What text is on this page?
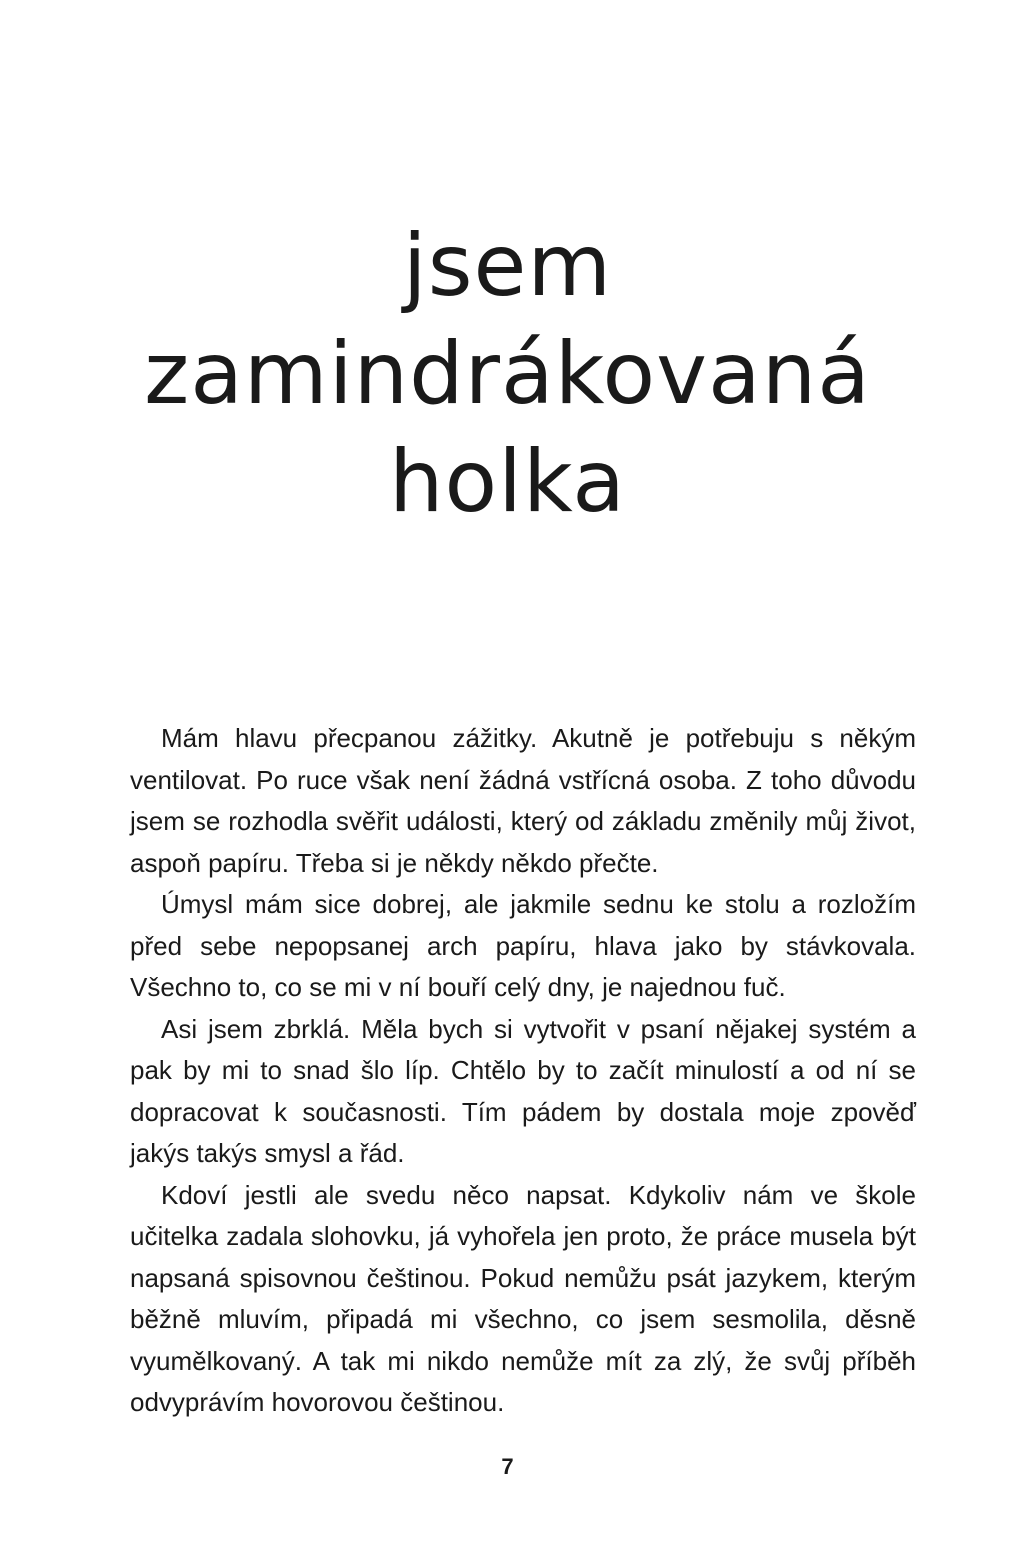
jsem
zamindrákovaná
holka

Mám hlavu přecpanou zážitky. Akutně je potřebuju s někým ventilovat. Po ruce však není žádná vstřícná osoba. Z toho důvodu jsem se rozhodla svěřit události, který od základu změnily můj život, aspoň papíru. Třeba si je někdy někdo přečte.

Úmysl mám sice dobrej, ale jakmile sednu ke stolu a rozložím před sebe nepopsanej arch papíru, hlava jako by stávkovala. Všechno to, co se mi v ní bouří celý dny, je najednou fuč.

Asi jsem zbrklá. Měla bych si vytvořit v psaní nějakej systém a pak by mi to snad šlo líp. Chtělo by to začít minulostí a od ní se dopracovat k současnosti. Tím pádem by dostala moje zpověď jakýs takýs smysl a řád.

Kdoví jestli ale svedu něco napsat. Kdykoliv nám ve škole učitelka zadala slohovku, já vyhořela jen proto, že práce musela být napsaná spisovnou češtinou. Pokud nemůžu psát jazykem, kterým běžně mluvím, připadá mi všechno, co jsem sesmolila, děsně vyumělkovaný. A tak mi nikdo nemůže mít za zlý, že svůj příběh odvyprávím hovorovou češtinou.

7
